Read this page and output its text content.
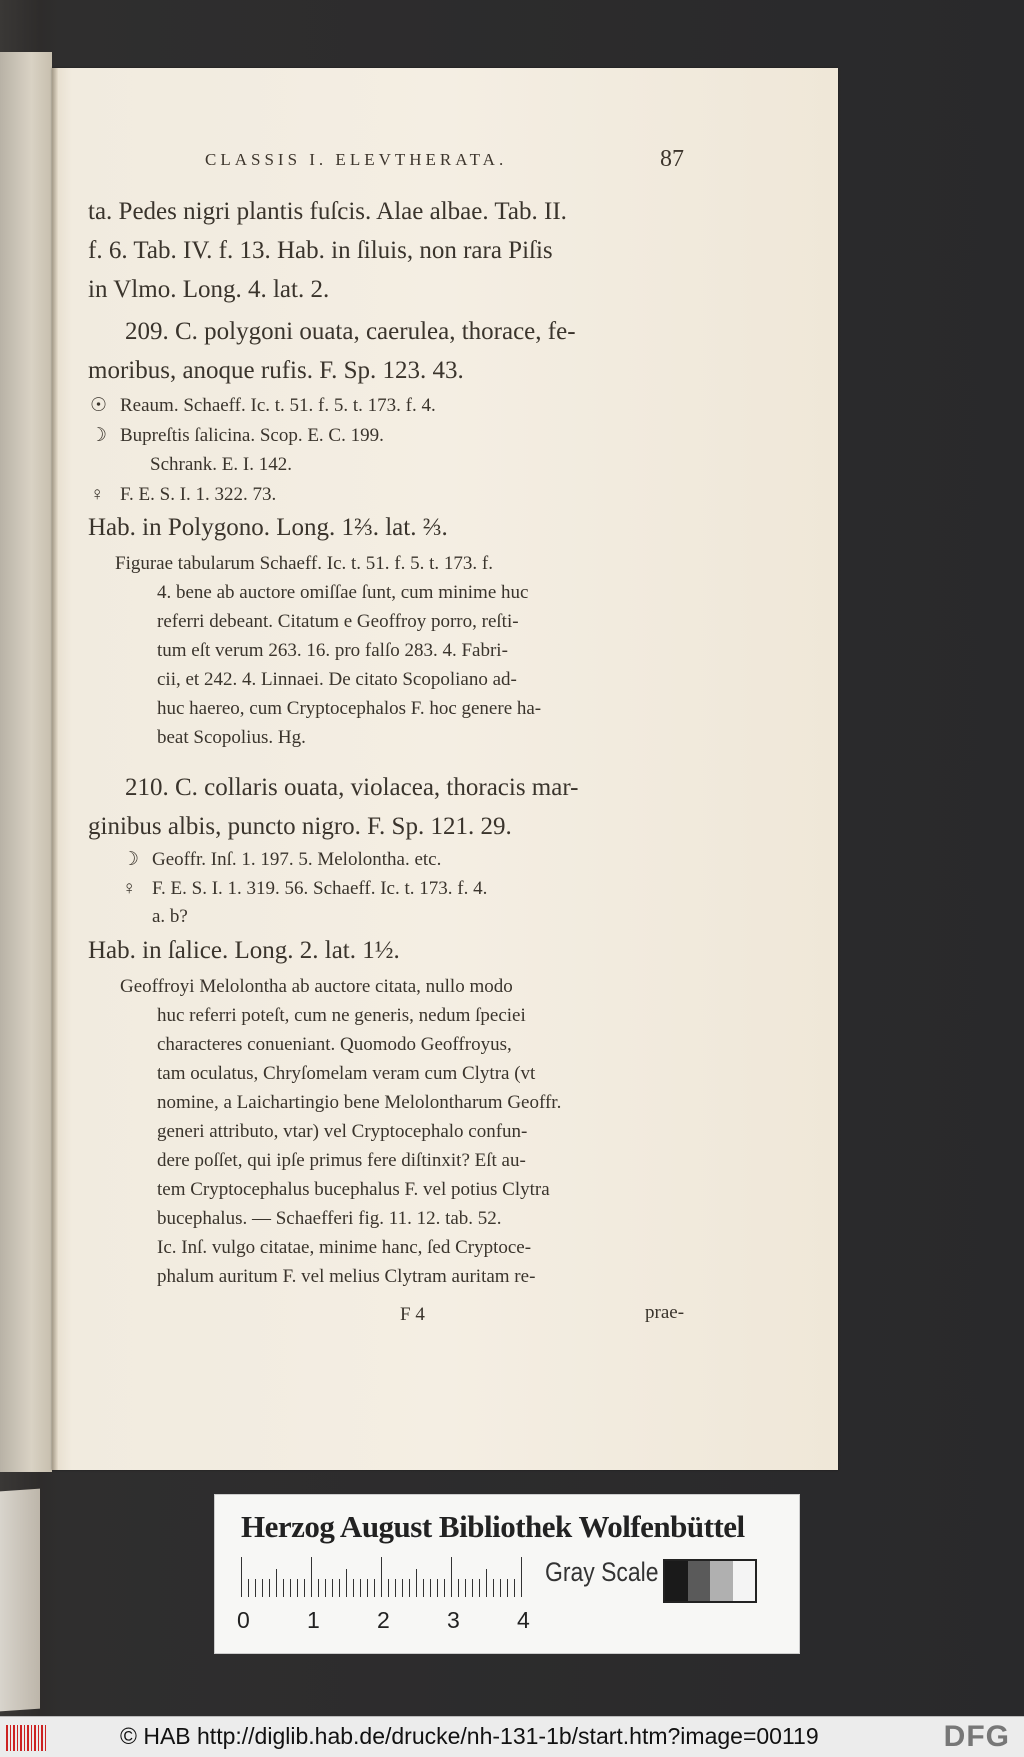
CLASSIS I. ELEVTHERATA.	87
ta. Pedes nigri plantis fuſcis. Alae albae. Tab. II.
f. 6. Tab. IV. f. 13. Hab. in ſiluis, non rara Piſis
in Vlmo. Long. 4. lat. 2.
209. C. polygoni ouata, caerulea, thorace, fe-
moribus, anoque rufis. F. Sp. 123. 43.
☉ Reaum. Schaeff. Ic. t. 51. f. 5. t. 173. f. 4.
☽ Bupreſtis ſalicina. Scop. E. C. 199.
Schrank. E. I. 142.
♀ F. E. S. I. 1. 322. 73.
Hab. in Polygono. Long. 1⅔. lat. ⅔.
Figurae tabularum Schaeff. Ic. t. 51. f. 5. t. 173. f.
4. bene ab auctore omiſſae ſunt, cum minime huc
referri debeant. Citatum e Geoffroy porro, reſti-
tum eſt verum 263. 16. pro falſo 283. 4. Fabri-
cii, et 242. 4. Linnaei. De citato Scopoliano ad-
huc haereo, cum Cryptocephalos F. hoc genere ha-
beat Scopolius. Hg.
210. C. collaris ouata, violacea, thoracis mar-
ginibus albis, puncto nigro. F. Sp. 121. 29.
☽ Geoffr. Inſ. 1. 197. 5. Melolontha. etc.
♀ F. E. S. I. 1. 319. 56. Schaeff. Ic. t. 173. f. 4.
a. b?
Hab. in ſalice. Long. 2. lat. 1½.
Geoffroyi Melolontha ab auctore citata, nullo modo
huc referri poteſt, cum ne generis, nedum ſpeciei
characteres conueniant. Quomodo Geoffroyus,
tam oculatus, Chryſomelam veram cum Clytra (vt
nomine, a Laichartingio bene Melolontharum Geoffr.
generi attributo, vtar) vel Cryptocephalo confun-
dere poſſet, qui ipſe primus fere diſtinxit? Eſt au-
tem Cryptocephalus bucephalus F. vel potius Clytra
bucephalus. — Schaefferi fig. 11. 12. tab. 52.
Ic. Inſ. vulgo citatae, minime hanc, ſed Cryptoce-
phalum auritum F. vel melius Clytram auritam re-
F 4	prae-
Herzog August Bibliothek Wolfenbüttel
0 1 2 3 4
Gray Scale
© HAB http://diglib.hab.de/drucke/nh-131-1b/start.htm?image=00119	DFG
